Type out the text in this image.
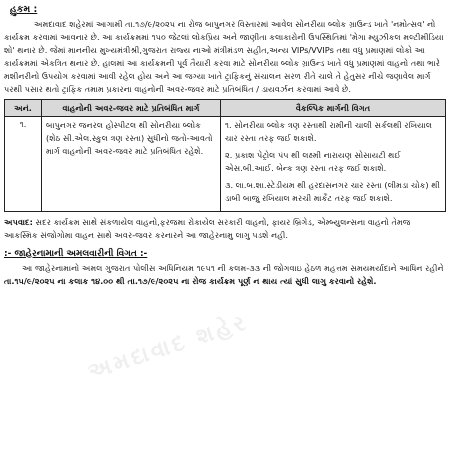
હુકમ :

અમદાવાદ શહેરમાં આગામી તા.૧૭/૯/૨૦૨૫ ના રોજ બાપુનગર વિસ્તારમાં આવેલ સોનરીયા બ્લોક ગ્રાઉન્ડ ખાતે 'નમોત્સવ' નો કાર્યક્રમ કરવામાં આવનાર છે. આ કાર્યક્રમમાં ૧૫૦ જેટલાં લોકપ્રિય અને જાણીતા કલાકારોની ઉપસ્થિતિમાં 'મેગા મ્યુઝીકલ મલ્ટીમીડિયા શો' થનાર છે. જેમાં માનનીય મુખ્યમંત્રીશ્રી,ગુજરાત રાજ્ય નાઓ મંત્રીમંડળ સહીત,અન્ય VIPs/VVIPs તથા વધુ પ્રમાણમાં લોકો આ કાર્યક્રમમાં એકત્રિત થનાર છે. હાલમાં આ કાર્યક્રમની પૂર્વ તૈયારી કરવા માટે સોનરીયા બ્લોક ગ્રાઉન્ડ ખાતે વધુ પ્રમાણમાં વાહનો તથા ભારે મશીનરીનો ઉપયોગ કરવામાં આવી રહેલ હોય અને આ જગ્યા ખાતે ટ્રાફિકનું સંચાલન સરળ રીતે ચાલે તે હેતુસર નીચે જણાવેલ માર્ગ પરથી પસાર થતો ટ્રાફિક તમામ પ્રકારના વાહનોની અવર-જવર માટે પ્રતિબંધિત / ડાયવર્ઝન કરવામાં આવે છે.

અનં.	વાહનોની અવર-જવર માટે પ્રતિબંધિત માર્ગ	વૈકલ્પિક માર્ગની વિગત
૧.	બાપુનગર જનરલ હોસ્પીટલ થી સોનરીયા બ્લોક (શેઠ સી.એલ.સ્કુલ ત્રણ રસ્તા) સુધીનો જતો-આવતો માર્ગ વાહનોની અવર-જવર માટે પ્રતિબંધિત રહેશે.	૧. સોનરીયા બ્લોક ત્રણ રસ્તાથી રામીની ચાલી સર્કલથી રખિયાલ ચાર રસ્તા તરફ જઈ શકાશે.
૨. પ્રકાશ પેટ્રોલ પંપ થી લક્ષ્મી નારાયણ સોસાયટી થઈ એસ.બી.આઈ. બેન્ક ત્રણ રસ્તા તરફ જઈ શકાશે.
૩. લા.બ.શા.સ્ટેડીયમ થી હરદાસનગર ચાર રસ્તા (લીમડા ચોક) થી ડાબી બાજુ રખિયાલ મરચી માર્કેટ તરફ જઈ શકાશે.
અપવાદ: સદર કાર્યક્રમ સાથે સંકળાયેલ વાહનો,ફરજમા રોકાયેલ સરકારી વાહનો, ફાયર બ્રિગેડ, એમ્બ્યુલન્સના વાહનો તેમજ આકસ્મિક સંજોગોમા વાહન સાથે અવર-જવર કરનારને આ જાહેરનામુ લાગુ પડશે નહી.
:- જાહેરનામાની અમલવારીની વિગત :-

આ જાહેરનામાનો અમલ ગુજરાત પોલીસ અધિનિયમ ૧૯૫૧ ની કલમ-૩૩ ની જોગવાઇ હેઠળ મહત્તમ સમયમર્યાદાને આધિન રહીને તા.૧૫/૯/૨૦૨૫ ના કલાક ૧૪.૦૦ થી તા.૧૭/૯/૨૦૨૫ ના રોજ કાર્યક્રમ પૂર્ણ ન થાય ત્યાં સુધી લાગુ કરવાનો રહેશે.

અમદાવાદ શહેર
